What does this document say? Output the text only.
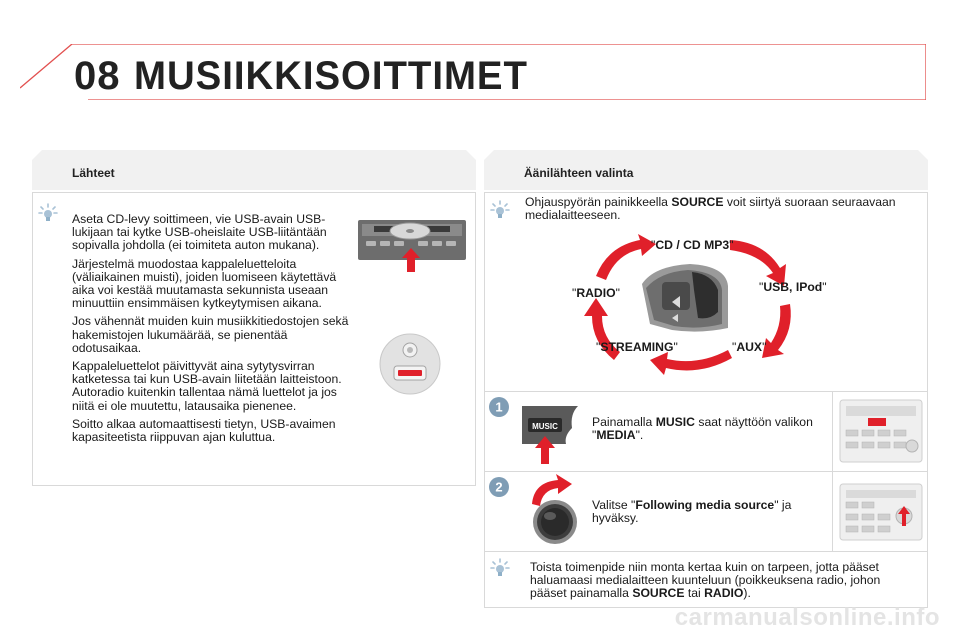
08 MUSIIKKISOITTIMET
Lähteet

Aseta CD-levy soittimeen, vie USB-avain USB-lukijaan tai kytke USB-oheislaite USB-liitäntään sopivalla johdolla (ei toimiteta auton mukana).

Järjestelmä muodostaa kappaleluetteloita (väliaikainen muisti), joiden luomiseen käytettävä aika voi kestää muutamasta sekunnista useaan minuuttiin ensimmäisen kytkeytymisen aikana.

Jos vähennät muiden kuin musiikkitiedostojen sekä hakemistojen lukumäärää, se pienentää odotusaikaa.

Kappaleluettelot päivittyvät aina sytytysvirran katketessa tai kun USB-avain liitetään laitteistoon. Autoradio kuitenkin tallentaa nämä luettelot ja jos niitä ei ole muutettu, latausaika pienenee.

Soitto alkaa automaattisesti tietyn, USB-avaimen kapasiteetista riippuvan ajan kuluttua.

Äänilähteen valinta
Ohjauspyörän painikkeella SOURCE voit siirtyä suoraan seuraavaan medialaitteeseen.
"CD / CD MP3"
"USB, IPod"
"AUX"
"STREAMING"
"RADIO"
1
MUSIC	Painamalla MUSIC saat näyttöön valikon "MEDIA".
2
Valitse "Following media source" ja hyväksy.
Toista toimenpide niin monta kertaa kuin on tarpeen, jotta pääset haluamaasi medialaitteen kuunteluun (poikkeuksena radio, johon pääset painamalla SOURCE tai RADIO).
carmanualsonline.info
